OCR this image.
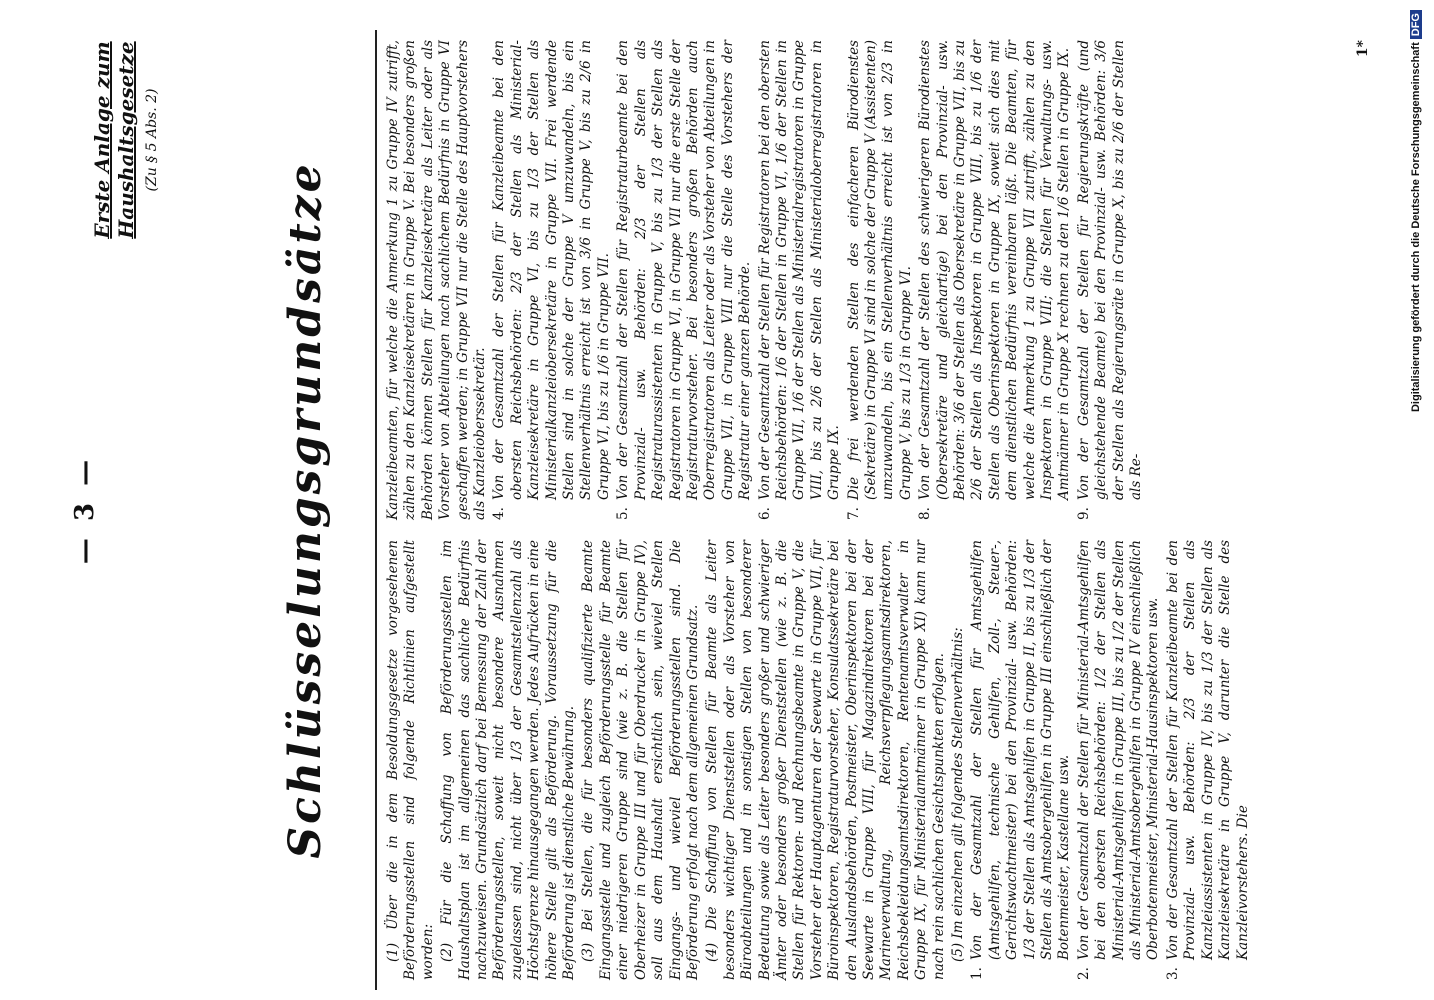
— 3 —
Erste Anlage zum Haushaltsgesetze (Zu § 5 Abs. 2)
Schlüsselungsgrundsätze	(1) Über die in dem Besoldungsgesetze vorgesehenen Beförderungsstellen sind folgende Richtlinien aufgestellt worden: (2) Für die Schaffung von Beförderungsstellen im Haushaltsplan ist im allgemeinen das sachliche Bedürfnis nachzuweisen. Grundsätzlich darf bei Bemessung der Zahl der Beförderungsstellen, soweit nicht besondere Ausnahmen zugelassen sind, nicht über 1/3 der Gesamtstellenzahl als Höchstgrenze hinausgegangen werden. Jedes Aufrücken in eine höhere Stelle gilt als Beförderung. Voraussetzung für die Beförderung ist dienstliche Bewährung. (3) Bei Stellen, die für besonders qualifizierte Beamte Eingangsstelle und zugleich Beförderungsstelle für Beamte einer niedrigeren Gruppe sind (wie z. B. die Stellen für Oberheizer in Gruppe III und für Oberdrucker in Gruppe IV), soll aus dem Haushalt ersichtlich sein, wieviel Stellen Eingangs- und wieviel Beförderungsstellen sind. Die Beförderung erfolgt nach dem allgemeinen Grundsatz. (4) Die Schaffung von Stellen für Beamte als Leiter besonders wichtiger Dienststellen oder als Vorsteher von Büroabteilungen und in sonstigen Stellen von besonderer Bedeutung sowie als Leiter besonders großer und schwieriger Ämter oder besonders großer Dienststellen (wie z. B. die Stellen für Rektoren- und Rechnungsbeamte in Gruppe V, die Vorsteher der Hauptagenturen der Seewarte in Gruppe VII, für Büroinspektoren, Registraturvorsteher, Konsulatssekretäre bei den Auslandsbehörden, Postmeister, Oberinspektoren bei der Seewarte in Gruppe VIII, für Magazindirektoren bei der Marineverwaltung, Reichsverpflegungsamtsdirektoren, Reichsbekleidungsamtsdirektoren, Rentenamtsverwalter in Gruppe IX, für Ministerialamtmänner in Gruppe XI) kann nur nach rein sachlichen Gesichtspunkten erfolgen. (5) Im einzelnen gilt folgendes Stellenverhältnis:

1.
Von der Gesamtzahl der Stellen für Amtsgehilfen (Amtsgehilfen, technische Gehilfen, Zoll-, Steuer-, Gerichtswachtmeister) bei den Provinzial- usw. Behörden: 1/3 der Stellen als Amtsgehilfen in Gruppe II, bis zu 1/3 der Stellen als Amtsobergehilfen in Gruppe III einschließlich der Botenmeister, Kastellane usw.
2.
Von der Gesamtzahl der Stellen für Ministerial-Amtsgehilfen bei den obersten Reichsbehörden: 1/2 der Stellen als Ministerial-Amtsgehilfen in Gruppe III, bis zu 1/2 der Stellen als Ministerial-Amtsobergehilfen in Gruppe IV einschließlich Oberbotenmeister, Ministerial-Hausinspektoren usw.
3.
Von der Gesamtzahl der Stellen für Kanzleibeamte bei den Provinzial- usw. Behörden: 2/3 der Stellen als Kanzleiassistenten in Gruppe IV, bis zu 1/3 der Stellen als Kanzleisekretäre in Gruppe V, darunter die Stelle des Kanzleivorstehers. Die

Kanzleibeamten, für welche die Anmerkung 1 zu Gruppe IV zutrifft, zählen zu den Kanzleisekretären in Gruppe V. Bei besonders großen Behörden können Stellen für Kanzleisekretäre als Leiter oder als Vorsteher von Abteilungen nach sachlichem Bedürfnis in Gruppe VI geschaffen werden; in Gruppe VII nur die Stelle des Hauptvorstehers als Kanzleioberssekretär. 4.
Von der Gesamtzahl der Stellen für Kanzleibeamte bei den obersten Reichsbehörden: 2/3 der Stellen als Ministerial-Kanzleisekretäre in Gruppe VI, bis zu 1/3 der Stellen als Ministerialkanzleiobersekretäre in Gruppe VII. Frei werdende Stellen sind in solche der Gruppe V umzuwandeln, bis ein Stellenverhältnis erreicht ist von 3/6 in Gruppe V, bis zu 2/6 in Gruppe VI, bis zu 1/6 in Gruppe VII.
5.
Von der Gesamtzahl der Stellen für Registraturbeamte bei den Provinzial- usw. Behörden: 2/3 der Stellen als Registraturassistenten in Gruppe V, bis zu 1/3 der Stellen als Registratoren in Gruppe VI, in Gruppe VII nur die erste Stelle der Registraturvorsteher. Bei besonders großen Behörden auch Oberregistratoren als Leiter oder als Vorsteher von Abteilungen in Gruppe VII, in Gruppe VIII nur die Stelle des Vorstehers der Registratur einer ganzen Behörde.
6.
Von der Gesamtzahl der Stellen für Registratoren bei den obersten Reichsbehörden: 1/6 der Stellen in Gruppe VI, 1/6 der Stellen in Gruppe VII, 1/6 der Stellen als Ministerialregistratoren in Gruppe VIII, bis zu 2/6 der Stellen als Ministerialoberregistratoren in Gruppe IX.
7.
Die frei werdenden Stellen des einfacheren Bürodienstes (Sekretäre) in Gruppe VI sind in solche der Gruppe V (Assistenten) umzuwandeln, bis ein Stellenverhältnis erreicht ist von 2/3 in Gruppe V, bis zu 1/3 in Gruppe VI.
8.
Von der Gesamtzahl der Stellen des schwierigeren Bürodienstes (Obersekretäre und gleichartige) bei den Provinzial- usw. Behörden: 3/6 der Stellen als Obersekretäre in Gruppe VII, bis zu 2/6 der Stellen als Inspektoren in Gruppe VIII, bis zu 1/6 der Stellen als Oberinspektoren in Gruppe IX, soweit sich dies mit dem dienstlichen Bedürfnis vereinbaren läßt. Die Beamten, für welche die Anmerkung 1 zu Gruppe VII zutrifft, zählen zu den Inspektoren in Gruppe VIII; die Stellen für Verwaltungs- usw. Amtmänner in Gruppe X rechnen zu den 1/6 Stellen in Gruppe IX.
9.
Von der Gesamtzahl der Stellen für Regierungskräfte (und gleichstehende Beamte) bei den Provinzial- usw. Behörden: 3/6 der Stellen als Regierungsräte in Gruppe X, bis zu 2/6 der Stellen als Re-
1*	Digitalisierung gefördert durch die Deutsche ForschungsgemeinschaftDFG
